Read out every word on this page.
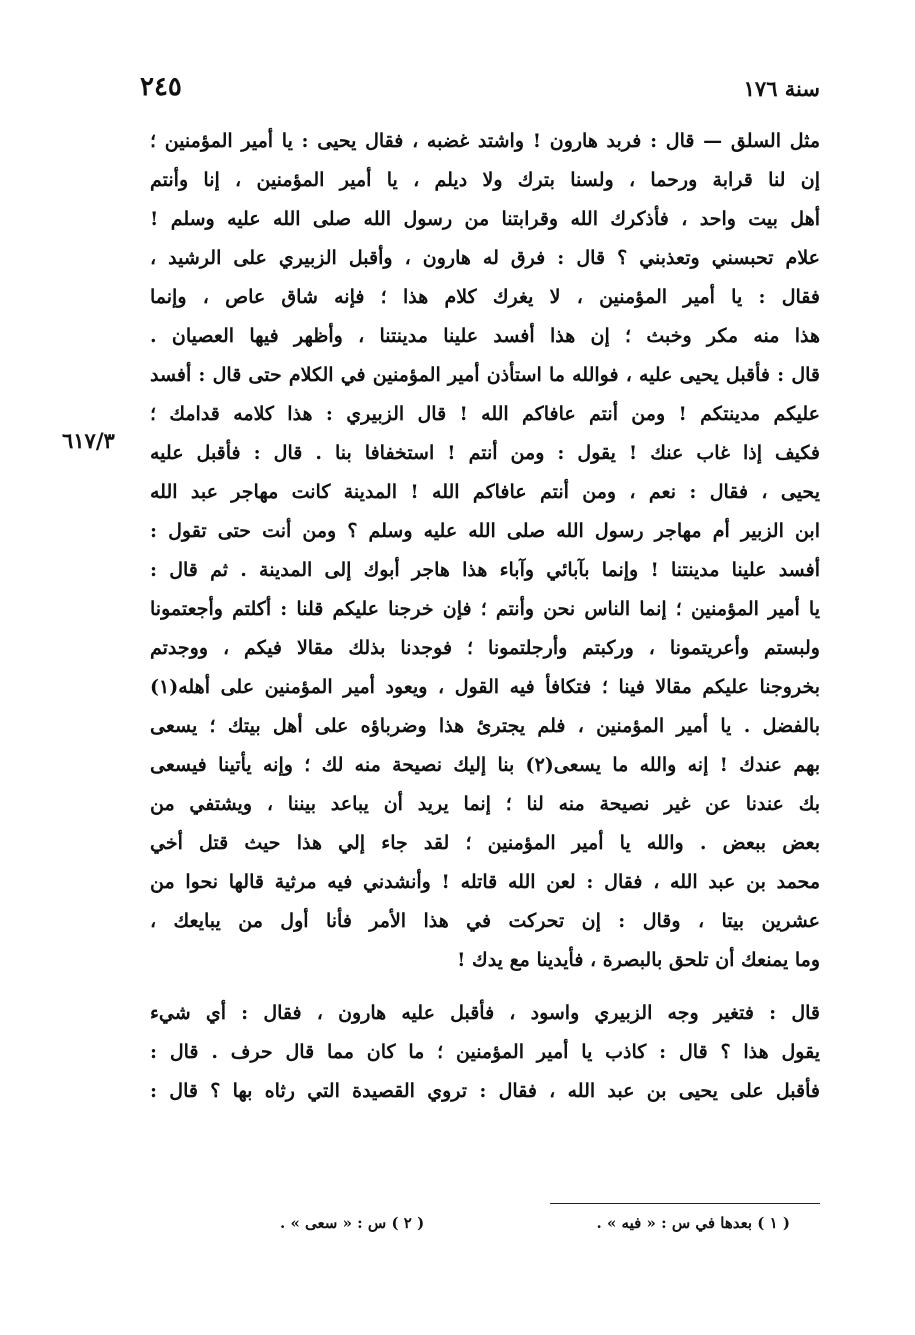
سنة ١٧٦
٢٤٥
٦١٧/٣
مثل السلق — قال : فربد هارون ! واشتد غضبه ، فقال يحيى : يا أمير المؤمنين ؛
إن لنا قرابة ورحما ، ولسنا بترك ولا ديلم ، يا أمير المؤمنين ، إنا وأنتم
أهل بيت واحد ، فأذكرك الله وقرابتنا من رسول الله صلى الله عليه وسلم !
علام تحبسني وتعذبني ؟ قال : فرق له هارون ، وأقبل الزبيري على الرشيد ،
فقال : يا أمير المؤمنين ، لا يغرك كلام هذا ؛ فإنه شاق عاص ، وإنما
هذا منه مكر وخبث ؛ إن هذا أفسد علينا مدينتنا ، وأظهر فيها العصيان .
قال : فأقبل يحيى عليه ، فوالله ما استأذن أمير المؤمنين في الكلام حتى قال : أفسد
عليكم مدينتكم ! ومن أنتم عافاكم الله ! قال الزبيري : هذا كلامه قدامك ؛
فكيف إذا غاب عنك ! يقول : ومن أنتم ! استخفافا بنا . قال : فأقبل عليه
يحيى ، فقال : نعم ، ومن أنتم عافاكم الله ! المدينة كانت مهاجر عبد الله
ابن الزبير أم مهاجر رسول الله صلى الله عليه وسلم ؟ ومن أنت حتى تقول :
أفسد علينا مدينتنا ! وإنما بآبائي وآباء هذا هاجر أبوك إلى المدينة . ثم قال :
يا أمير المؤمنين ؛ إنما الناس نحن وأنتم ؛ فإن خرجنا عليكم قلنا : أكلتم وأجعتمونا
ولبستم وأعريتمونا ، وركبتم وأرجلتمونا ؛ فوجدنا بذلك مقالا فيكم ، ووجدتم
بخروجنا عليكم مقالا فينا ؛ فتكافأ فيه القول ، ويعود أمير المؤمنين على أهله(١)
بالفضل . يا أمير المؤمنين ، فلم يجترئ هذا وضرباؤه على أهل بيتك ؛ يسعى
بهم عندك ! إنه والله ما يسعى(٢) بنا إليك نصيحة منه لك ؛ وإنه يأتينا فيسعى
بك عندنا عن غير نصيحة منه لنا ؛ إنما يريد أن يباعد بيننا ، ويشتفي من
بعض ببعض . والله يا أمير المؤمنين ؛ لقد جاء إلي هذا حيث قتل أخي
محمد بن عبد الله ، فقال : لعن الله قاتله ! وأنشدني فيه مرثية قالها نحوا من
عشرين بيتا ، وقال : إن تحركت في هذا الأمر فأنا أول من يبايعك ،
وما يمنعك أن تلحق بالبصرة ، فأيدينا مع يدك !
قال : فتغير وجه الزبيري واسود ، فأقبل عليه هارون ، فقال : أي شيء
يقول هذا ؟ قال : كاذب يا أمير المؤمنين ؛ ما كان مما قال حرف . قال :
فأقبل على يحيى بن عبد الله ، فقال : تروي القصيدة التي رثاه بها ؟ قال :
( ١ ) بعدها في س : « فيه » .
( ٢ ) س : « سعى » .
